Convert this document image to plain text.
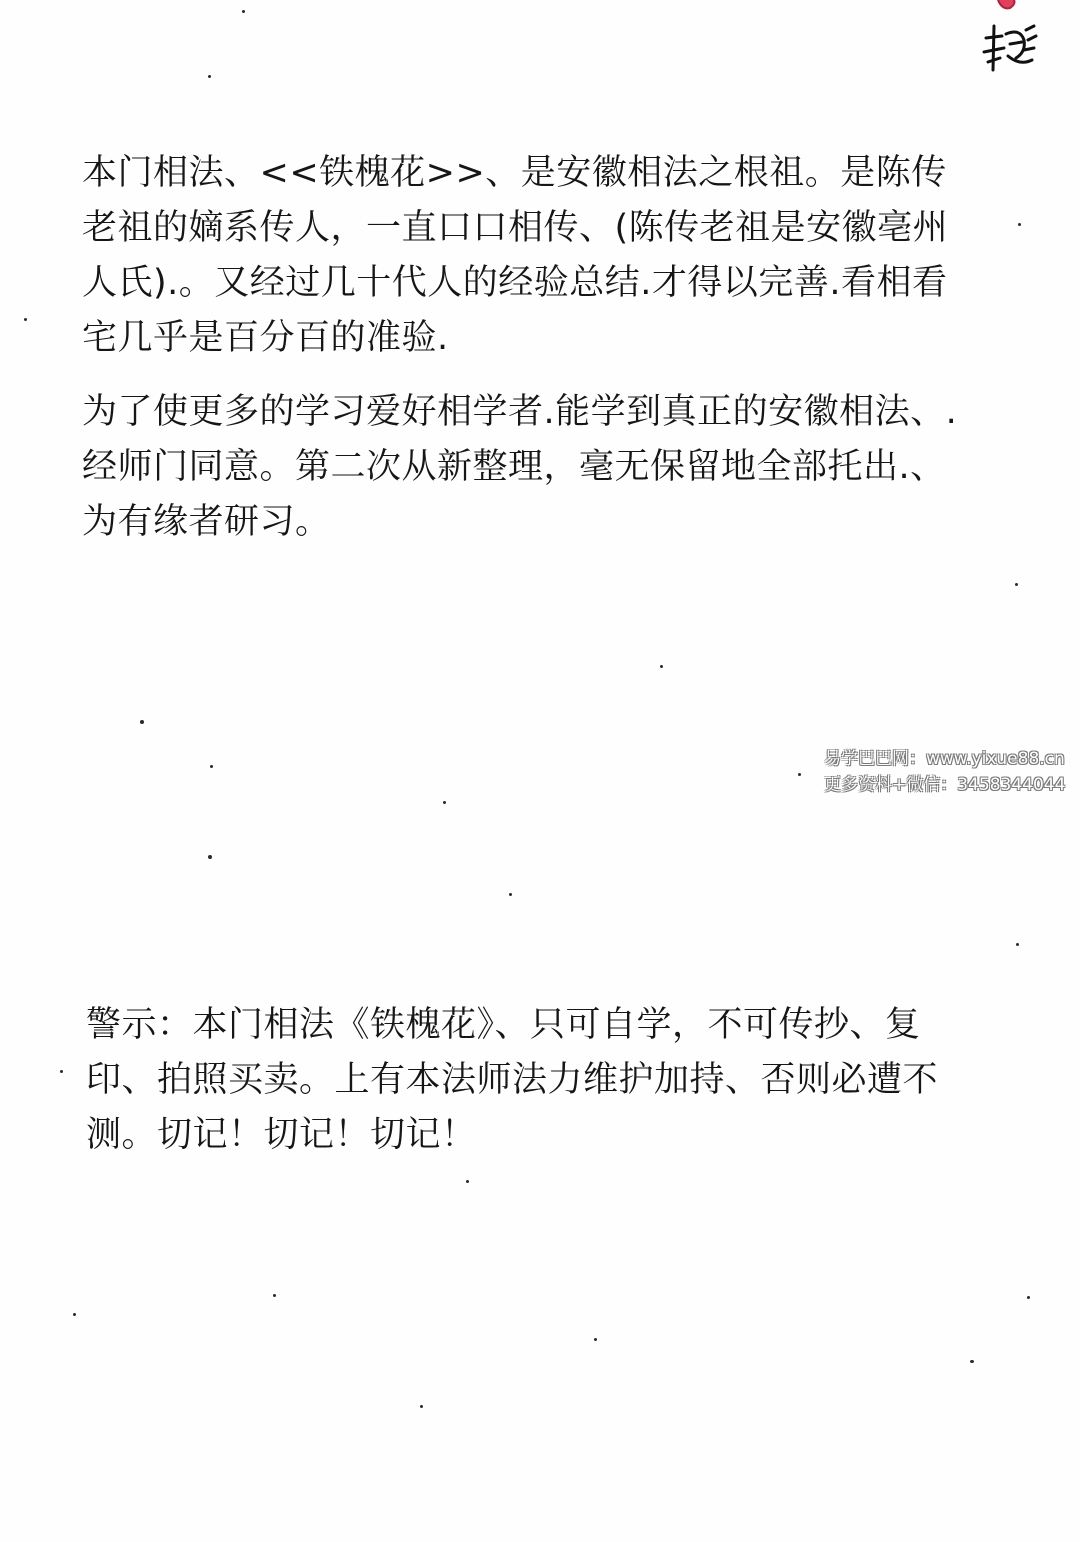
本门相法、<<铁槐花>>、是安徽相法之根祖。是陈传
老祖的嫡系传人，一直口口相传、(陈传老祖是安徽亳州
人氏).。又经过几十代人的经验总结.才得以完善.看相看
宅几乎是百分百的准验.
为了使更多的学习爱好相学者.能学到真正的安徽相法、.
经师门同意。第二次从新整理，毫无保留地全部托出.、
为有缘者研习。
易学巴巴网：www.yixue88.cn
更多资料+微信：3458344044
警示：本门相法《铁槐花》、只可自学，不可传抄、复
印、拍照买卖。上有本法师法力维护加持、否则必遭不
测。切记！切记！切记！
